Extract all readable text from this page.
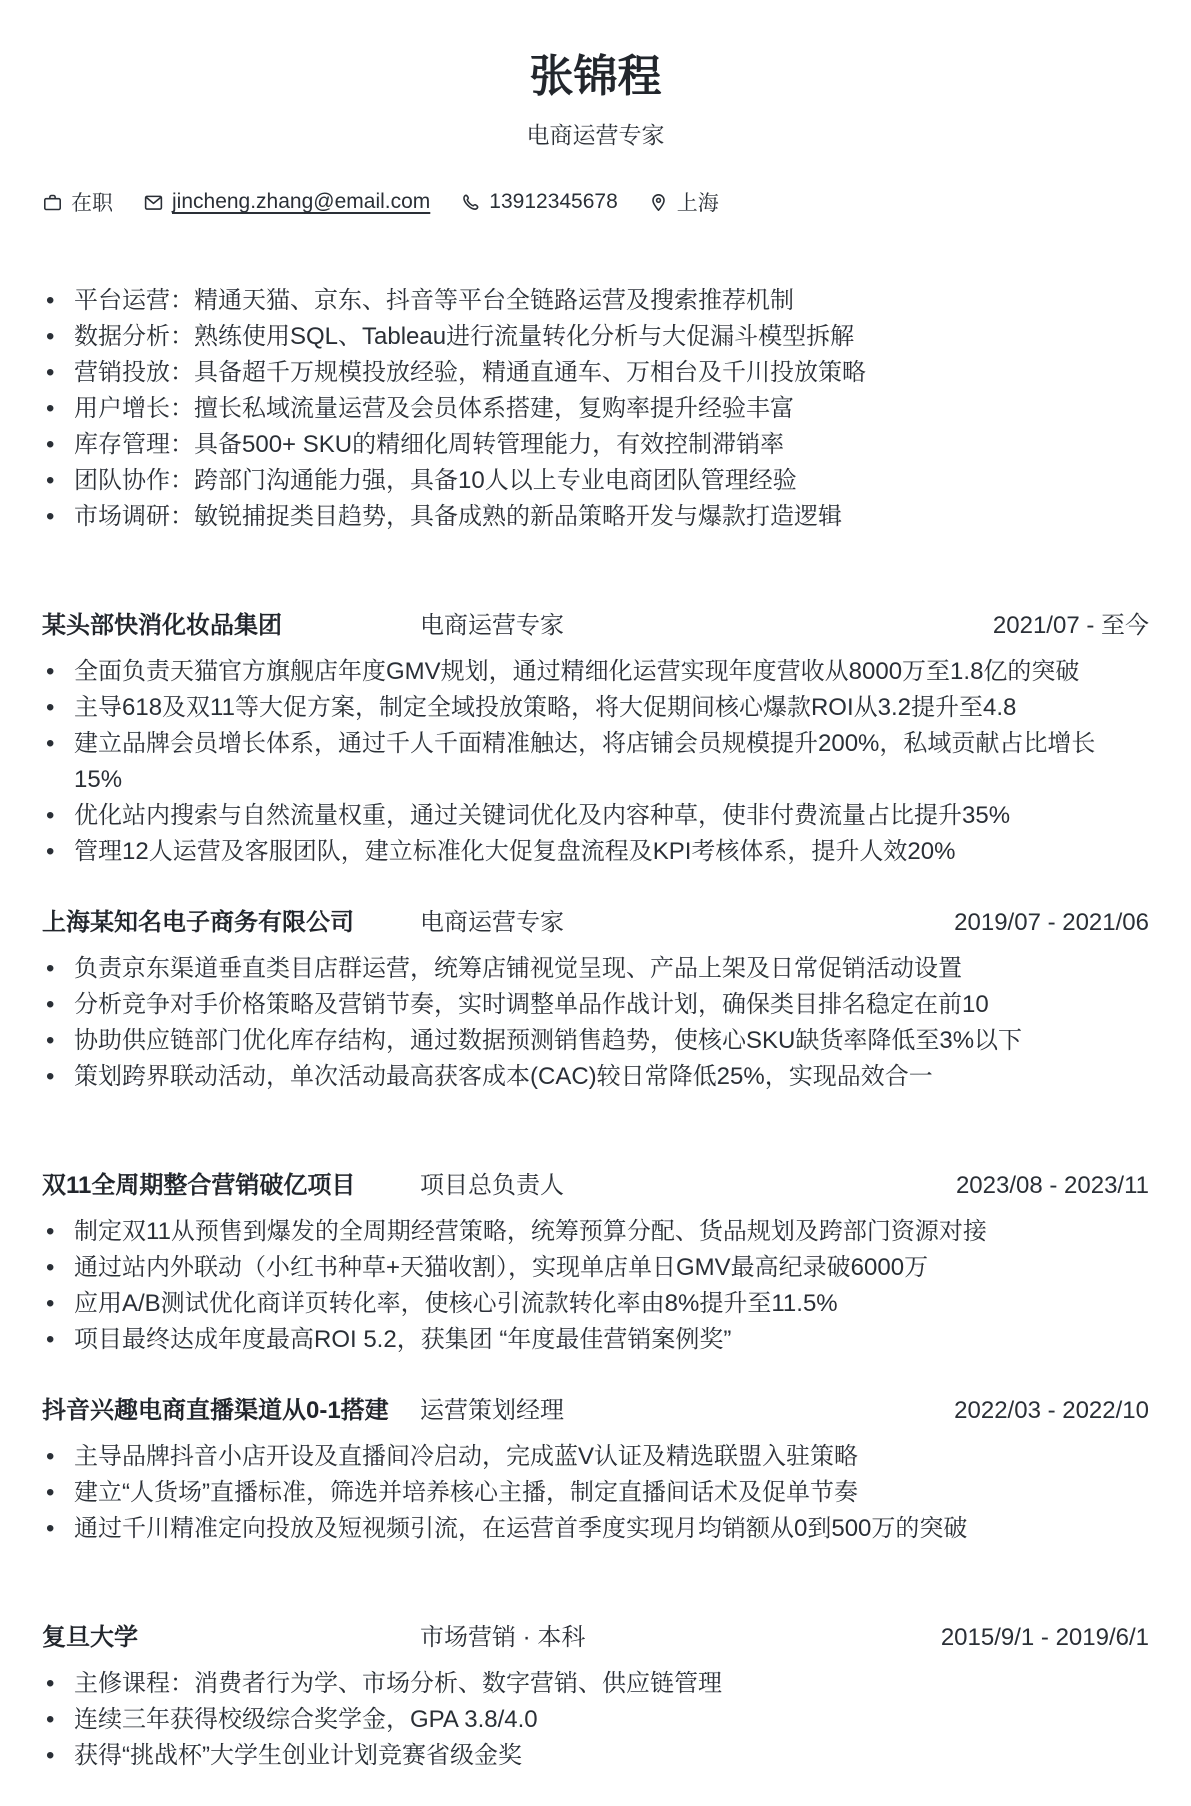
张锦程
电商运营专家
在职	jincheng.zhang@email.com	13912345678	上海
• 平台运营：精通天猫、京东、抖音等平台全链路运营及搜索推荐机制
• 数据分析：熟练使用SQL、Tableau进行流量转化分析与大促漏斗模型拆解
• 营销投放：具备超千万规模投放经验，精通直通车、万相台及千川投放策略
• 用户增长：擅长私域流量运营及会员体系搭建，复购率提升经验丰富
• 库存管理：具备500+ SKU的精细化周转管理能力，有效控制滞销率
• 团队协作：跨部门沟通能力强，具备10人以上专业电商团队管理经验
• 市场调研：敏锐捕捉类目趋势，具备成熟的新品策略开发与爆款打造逻辑
某头部快消化妆品集团	电商运营专家	2021/07 - 至今
• 全面负责天猫官方旗舰店年度GMV规划，通过精细化运营实现年度营收从8000万至1.8亿的突破
• 主导618及双11等大促方案，制定全域投放策略，将大促期间核心爆款ROI从3.2提升至4.8
• 建立品牌会员增长体系，通过千人千面精准触达，将店铺会员规模提升200%，私域贡献占比增长15%
• 优化站内搜索与自然流量权重，通过关键词优化及内容种草，使非付费流量占比提升35%
• 管理12人运营及客服团队，建立标准化大促复盘流程及KPI考核体系，提升人效20%
上海某知名电子商务有限公司	电商运营专家	2019/07 - 2021/06
• 负责京东渠道垂直类目店群运营，统筹店铺视觉呈现、产品上架及日常促销活动设置
• 分析竞争对手价格策略及营销节奏，实时调整单品作战计划，确保类目排名稳定在前10
• 协助供应链部门优化库存结构，通过数据预测销售趋势，使核心SKU缺货率降低至3%以下
• 策划跨界联动活动，单次活动最高获客成本(CAC)较日常降低25%，实现品效合一
双11全周期整合营销破亿项目	项目总负责人	2023/08 - 2023/11
• 制定双11从预售到爆发的全周期经营策略，统筹预算分配、货品规划及跨部门资源对接
• 通过站内外联动（小红书种草+天猫收割），实现单店单日GMV最高纪录破6000万
• 应用A/B测试优化商详页转化率，使核心引流款转化率由8%提升至11.5%
• 项目最终达成年度最高ROI 5.2，获集团 “年度最佳营销案例奖”
抖音兴趣电商直播渠道从0-1搭建	运营策划经理	2022/03 - 2022/10
• 主导品牌抖音小店开设及直播间冷启动，完成蓝V认证及精选联盟入驻策略
• 建立“人货场”直播标准，筛选并培养核心主播，制定直播间话术及促单节奏
• 通过千川精准定向投放及短视频引流，在运营首季度实现月均销额从0到500万的突破
复旦大学	市场营销 · 本科	2015/9/1 - 2019/6/1
• 主修课程：消费者行为学、市场分析、数字营销、供应链管理
• 连续三年获得校级综合奖学金，GPA 3.8/4.0
• 获得“挑战杯”大学生创业计划竞赛省级金奖
